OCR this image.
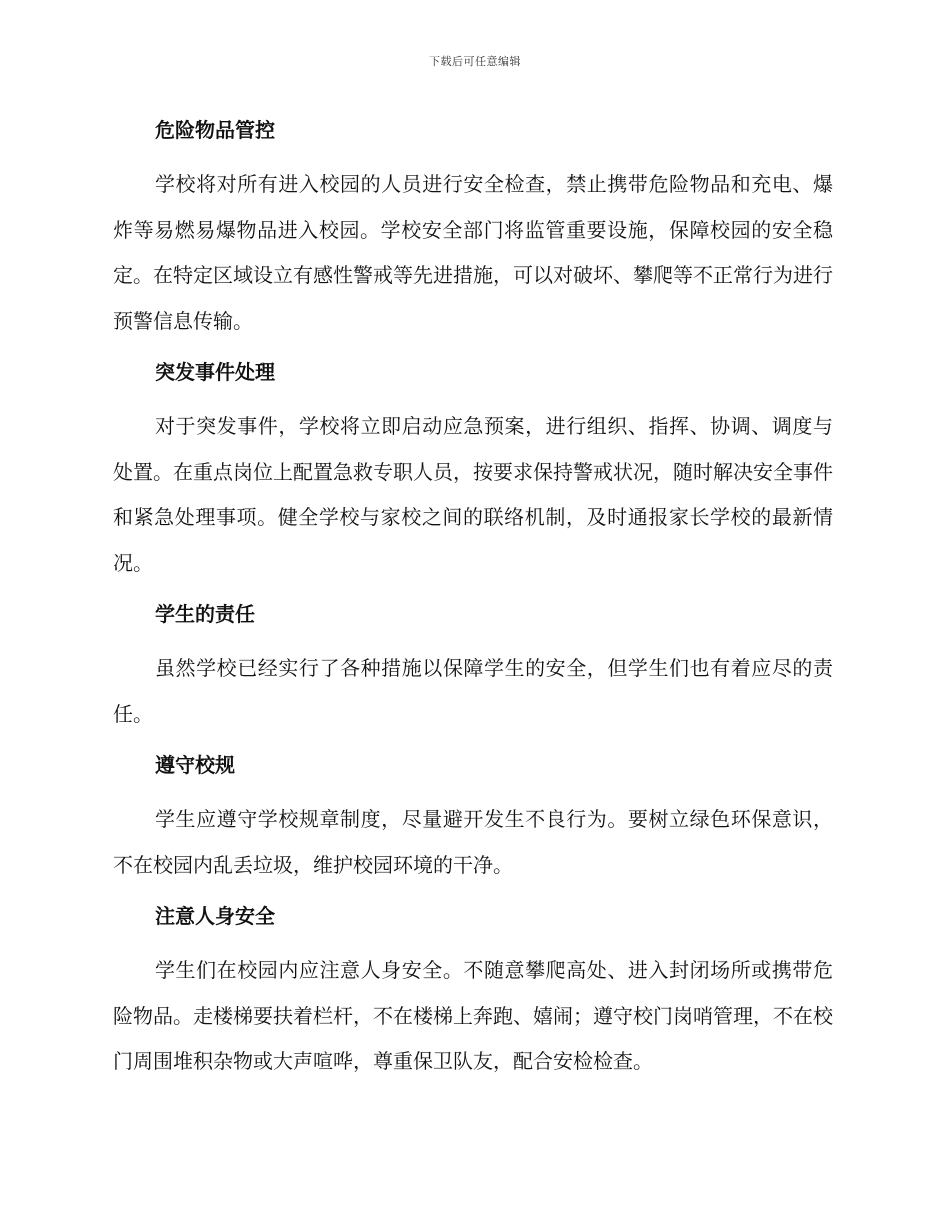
下载后可任意编辑
危险物品管控

学校将对所有进入校园的人员进行安全检查，禁止携带危险物品和充电、爆炸等易燃易爆物品进入校园。学校安全部门将监管重要设施，保障校园的安全稳定。在特定区域设立有感性警戒等先进措施，可以对破坏、攀爬等不正常行为进行预警信息传输。

突发事件处理

对于突发事件，学校将立即启动应急预案，进行组织、指挥、协调、调度与处置。在重点岗位上配置急救专职人员，按要求保持警戒状况，随时解决安全事件和紧急处理事项。健全学校与家校之间的联络机制，及时通报家长学校的最新情况。

学生的责任

虽然学校已经实行了各种措施以保障学生的安全，但学生们也有着应尽的责任。

遵守校规

学生应遵守学校规章制度，尽量避开发生不良行为。要树立绿色环保意识，不在校园内乱丢垃圾，维护校园环境的干净。

注意人身安全

学生们在校园内应注意人身安全。不随意攀爬高处、进入封闭场所或携带危险物品。走楼梯要扶着栏杆，不在楼梯上奔跑、嬉闹；遵守校门岗哨管理，不在校门周围堆积杂物或大声喧哗，尊重保卫队友，配合安检检查。
